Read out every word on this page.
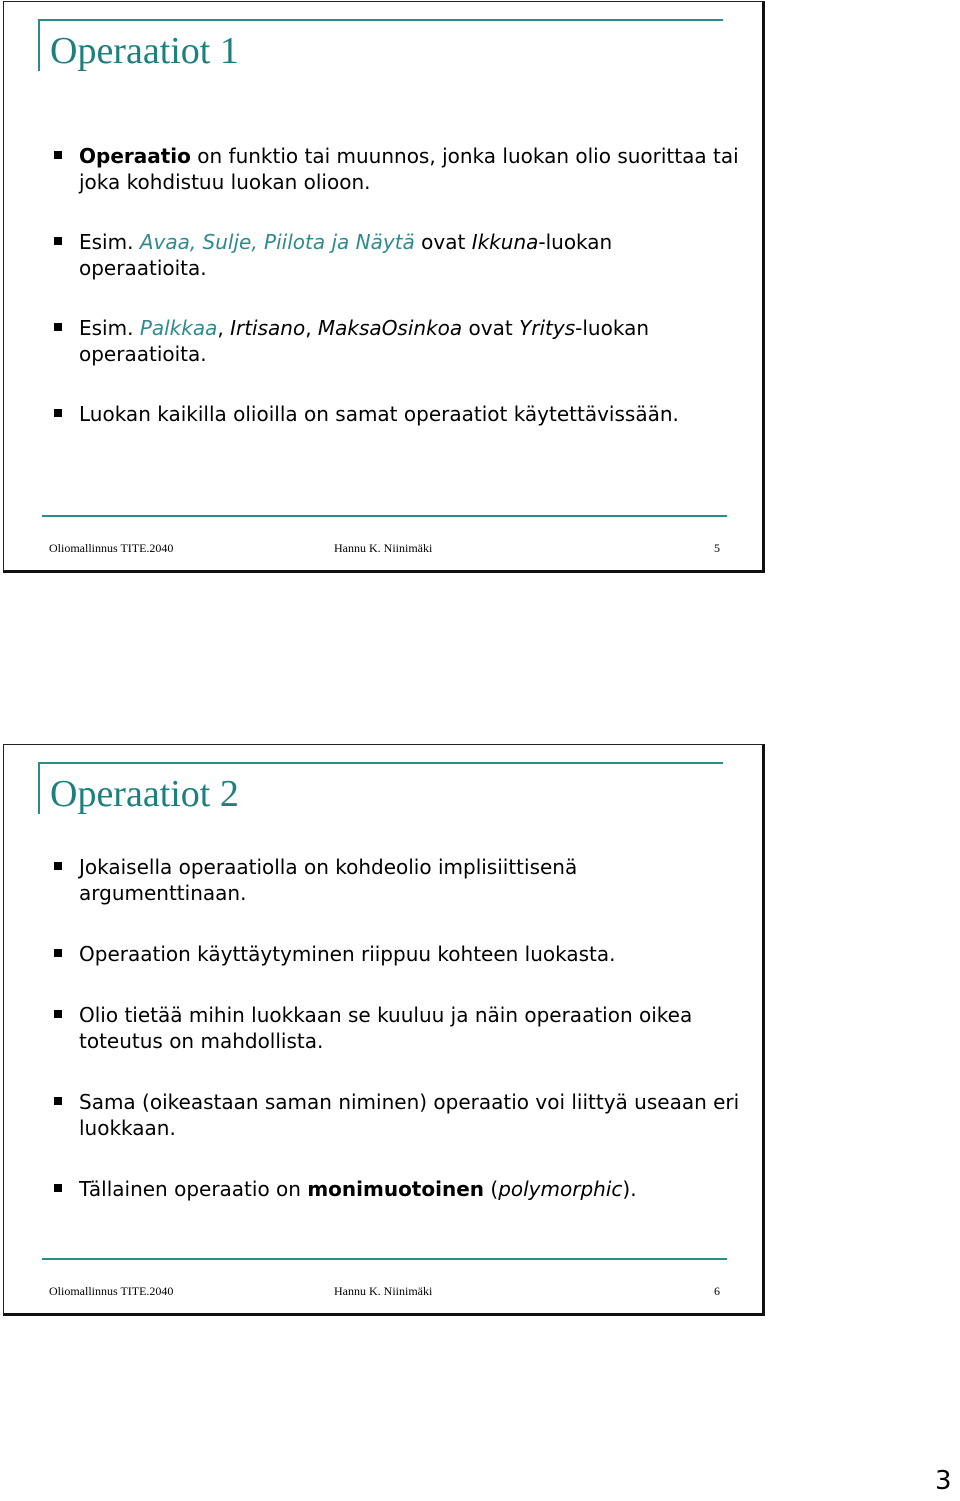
Operaatiot 1
Operaatio on funktio tai muunnos, jonka luokan olio suorittaa tai joka kohdistuu luokan olioon.
Esim. Avaa, Sulje, Piilota ja Näytä ovat Ikkuna-luokan operaatioita.
Esim. Palkkaa, Irtisano, MaksaOsinkoa ovat Yritys-luokan operaatioita.
Luokan kaikilla olioilla on samat operaatiot käytettävissään.

Oliomallinnus TITE.2040	Hannu K. Niinimäki	5

Operaatiot 2
Jokaisella operaatiolla on kohdeolio implisiittisenä argumenttinaan.
Operaation käyttäytyminen riippuu kohteen luokasta.
Olio tietää mihin luokkaan se kuuluu ja näin operaation oikea toteutus on mahdollista.
Sama (oikeastaan saman niminen) operaatio voi liittyä useaan eri luokkaan.
Tällainen operaatio on monimuotoinen (polymorphic).

Oliomallinnus TITE.2040	Hannu K. Niinimäki	6

3
